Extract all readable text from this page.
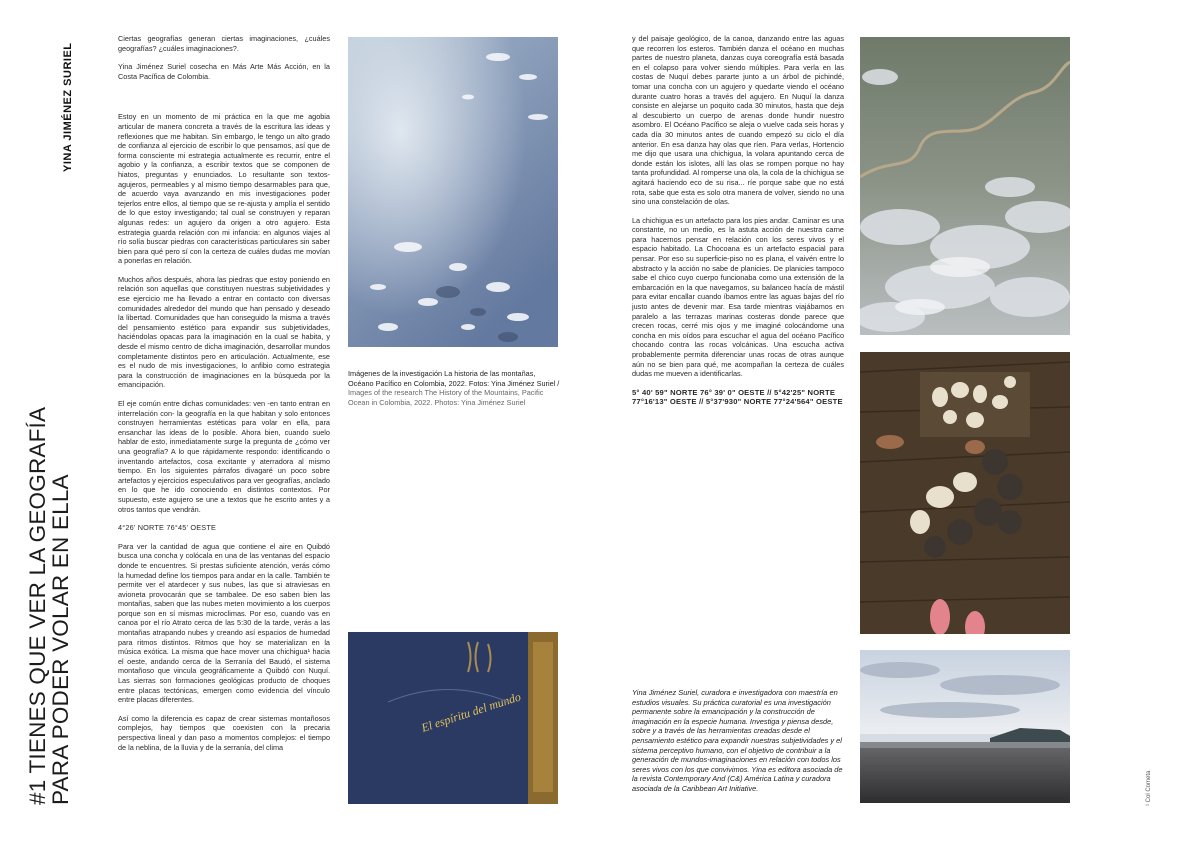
#1 TIENES QUE VER LA GEOGRAFÍA
PARA PODER VOLAR EN ELLA
YINA JIMÉNEZ SURIEL

Ciertas geografías generan ciertas imaginaciones, ¿cuáles geografías? ¿cuáles imaginaciones?.

Yina Jiménez Suriel cosecha en Más Arte Más Acción, en la Costa Pacífica de Colombia.

Estoy en un momento de mi práctica en la que me agobia articular de manera concreta a través de la escritura las ideas y reflexiones que me habitan. Sin embargo, le tengo un alto grado de confianza al ejercicio de escribir lo que pensamos, así que de forma consciente mi estrategia actualmente es recurrir, entre el agobio y la confianza, a escribir textos que se componen de hiatos, preguntas y enunciados. Lo resultante son textos-agujeros, permeables y al mismo tiempo desarmables para que, de acuerdo vaya avanzando en mis investigaciones poder tejerlos entre ellos, al tiempo que se re-ajusta y amplía el sentido de lo que estoy investigando; tal cual se construyen y reparan algunas redes: un agujero da origen a otro agujero. Esta estrategia guarda relación con mi infancia: en algunos viajes al río solía buscar piedras con características particulares sin saber bien para qué pero sí con la certeza de cuáles dudas me movían a ponerlas en relación.

Muchos años después, ahora las piedras que estoy poniendo en relación son aquellas que constituyen nuestras subjetividades y ese ejercicio me ha llevado a entrar en contacto con diversas comunidades alrededor del mundo que han pensado y deseado la libertad. Comunidades que han conseguido la misma a través del pensamiento estético para expandir sus subjetividades, haciéndolas opacas para la imaginación en la cual se habita, y desde el mismo centro de dicha imaginación, desarrollar mundos completamente distintos pero en articulación. Actualmente, ese es el nudo de mis investigaciones, lo anfibio como estrategia para la construcción de imaginaciones en la búsqueda por la emancipación.

El eje común entre dichas comunidades: ven -en tanto entran en interrelación con- la geografía en la que habitan y solo entonces construyen herramientas estéticas para volar en ella, para ensanchar las ideas de lo posible. Ahora bien, cuando suelo hablar de esto, inmediatamente surge la pregunta de ¿cómo ver una geografía? A lo que rápidamente respondo: identificando o inventando artefactos, cosa excitante y aterradora al mismo tiempo. En los siguientes párrafos divagaré un poco sobre artefactos y ejercicios especulativos para ver geografías, anclado en lo que he ido conociendo en distintos contextos. Por supuesto, este agujero se une a textos que he escrito antes y a otros tantos que vendrán.

4°26' NORTE 76°45' OESTE

Para ver la cantidad de agua que contiene el aire en Quibdó busca una concha y colócala en una de las ventanas del espacio donde te encuentres. Si prestas suficiente atención, verás cómo la humedad define los tiempos para andar en la calle. También te permite ver el atardecer y sus nubes, las que si atraviesas en avioneta provocarán que se tambalee. De eso saben bien las montañas, saben que las nubes meten movimiento a los cuerpos porque son en sí mismas microclimas. Por eso, cuando vas en canoa por el río Atrato cerca de las 5:30 de la tarde, verás a las montañas atrapando nubes y creando así espacios de humedad para ritmos distintos. Ritmos que hoy se materializan en la música exótica. La misma que hace mover una chichigua¹ hacia el oeste, andando cerca de la Serranía del Baudó, el sistema montañoso que vincula geográficamente a Quibdó con Nuquí. Las sierras son formaciones geológicas producto de choques entre placas tectónicas, emergen como evidencia del vínculo entre placas diferentes.

Así como la diferencia es capaz de crear sistemas montañosos complejos, hay tiempos que coexisten con la precaria perspectiva lineal y dan paso a momentos complejos: el tiempo de la neblina, de la lluvia y de la serranía, del clima

Imágenes de la investigación La historia de las montañas, Océano Pacífico en Colombia, 2022. Fotos: Yina Jiménez Suriel / Images of the research The History of the Mountains, Pacific Ocean in Colombia, 2022. Photos: Yina Jiménez Suriel
El espíritu del mundo

y del paisaje geológico, de la canoa, danzando entre las aguas que recorren los esteros. También danza el océano en muchas partes de nuestro planeta, danzas cuya coreografía está basada en el colapso para volver siendo múltiples. Para verla en las costas de Nuquí debes pararte junto a un árbol de pichindé, tomar una concha con un agujero y quedarte viendo el océano durante cuatro horas a través del agujero. En Nuquí la danza consiste en alejarse un poquito cada 30 minutos, hasta que deja al descubierto un cuerpo de arenas donde hundir nuestro asombro. El Océano Pacífico se aleja o vuelve cada seis horas y cada día 30 minutos antes de cuando empezó su ciclo el día anterior. En esa danza hay olas que ríen. Para verlas, Hortencio me dijo que usara una chichigua, la volara apuntando cerca de donde están los islotes, allí las olas se rompen porque no hay tanta profundidad. Al romperse una ola, la cola de la chichigua se agitará haciendo eco de su risa... ríe porque sabe que no está rota, sabe que esta es solo otra manera de volver, siendo no una sino una constelación de olas.

La chichigua es un artefacto para los pies andar. Caminar es una constante, no un medio, es la astuta acción de nuestra carne para hacernos pensar en relación con los seres vivos y el espacio habitado. La Chocoana es un artefacto espacial para pensar. Por eso su superficie-piso no es plana, el vaivén entre lo abstracto y la acción no sabe de planicies. De planicies tampoco sabe el chico cuyo cuerpo funcionaba como una extensión de la embarcación en la que navegamos, su balanceo hacía de mástil para evitar encallar cuando íbamos entre las aguas bajas del río justo antes de devenir mar. Esa tarde mientras viajábamos en paralelo a las terrazas marinas costeras donde parece que crecen rocas, cerré mis ojos y me imaginé colocándome una concha en mis oídos para escuchar el agua del océano Pacífico chocando contra las rocas volcánicas. Una escucha activa probablemente permita diferenciar unas rocas de otras aunque aún no se bien para qué, me acompañan la certeza de cuáles dudas me mueven a identificarlas.

5° 40' 59" NORTE 76° 39' 0" OESTE // 5°42'25" NORTE 77°16'13" OESTE // 5°37'930" NORTE 77°24'564" OESTE

Yina Jiménez Suriel, curadora e investigadora con maestría en estudios visuales. Su práctica curatorial es una investigación permanente sobre la emancipación y la construcción de imaginación en la especie humana. Investiga y piensa desde, sobre y a través de las herramientas creadas desde el pensamiento estético para expandir nuestras subjetividades y el sistema perceptivo humano, con el objetivo de contribuir a la generación de mundos-imaginaciones en relación con todos los seres vivos con los que convivimos. Yina es editora asociada de la revista Contemporary And (C&) América Latina y curadora asociada de la Caribbean Art Initiative.	¹ Col Cometa
